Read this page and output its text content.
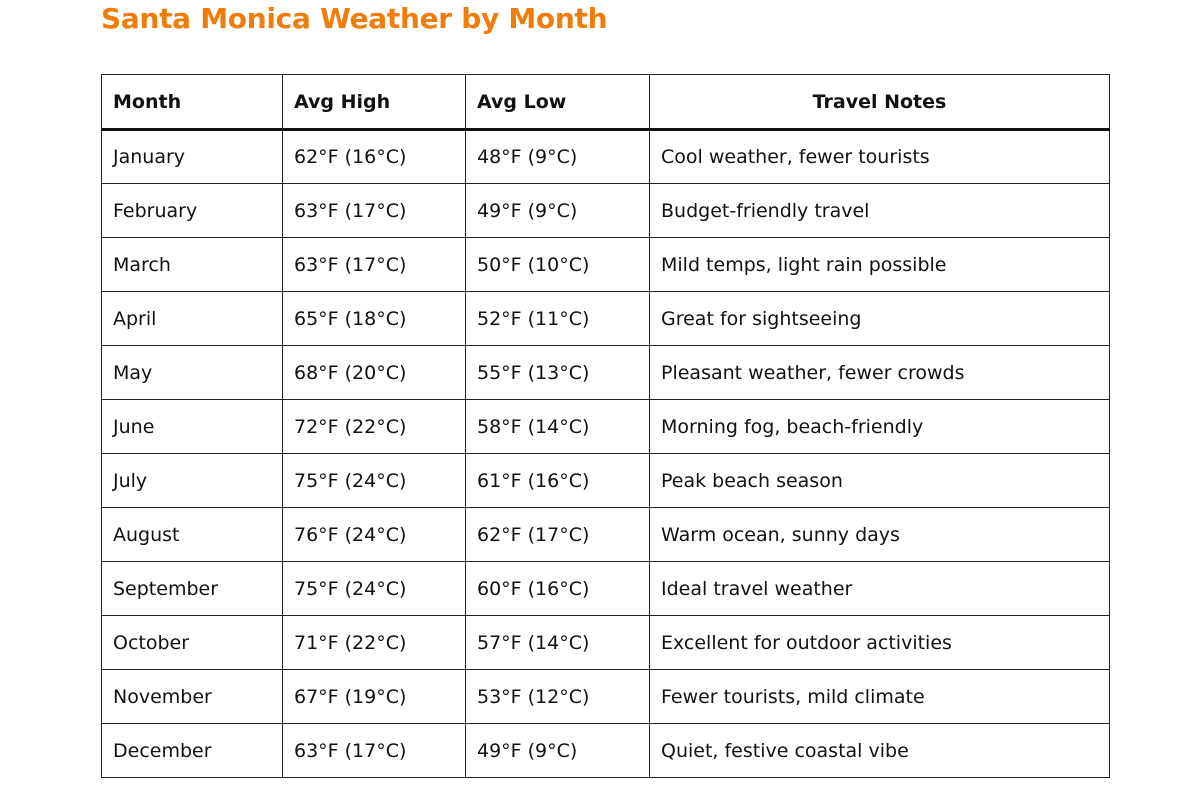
Santa Monica Weather by Month
Month	Avg High	Avg Low	Travel Notes
January	62°F (16°C)	48°F (9°C)	Cool weather, fewer tourists
February	63°F (17°C)	49°F (9°C)	Budget-friendly travel
March	63°F (17°C)	50°F (10°C)	Mild temps, light rain possible
April	65°F (18°C)	52°F (11°C)	Great for sightseeing
May	68°F (20°C)	55°F (13°C)	Pleasant weather, fewer crowds
June	72°F (22°C)	58°F (14°C)	Morning fog, beach-friendly
July	75°F (24°C)	61°F (16°C)	Peak beach season
August	76°F (24°C)	62°F (17°C)	Warm ocean, sunny days
September	75°F (24°C)	60°F (16°C)	Ideal travel weather
October	71°F (22°C)	57°F (14°C)	Excellent for outdoor activities
November	67°F (19°C)	53°F (12°C)	Fewer tourists, mild climate
December	63°F (17°C)	49°F (9°C)	Quiet, festive coastal vibe
